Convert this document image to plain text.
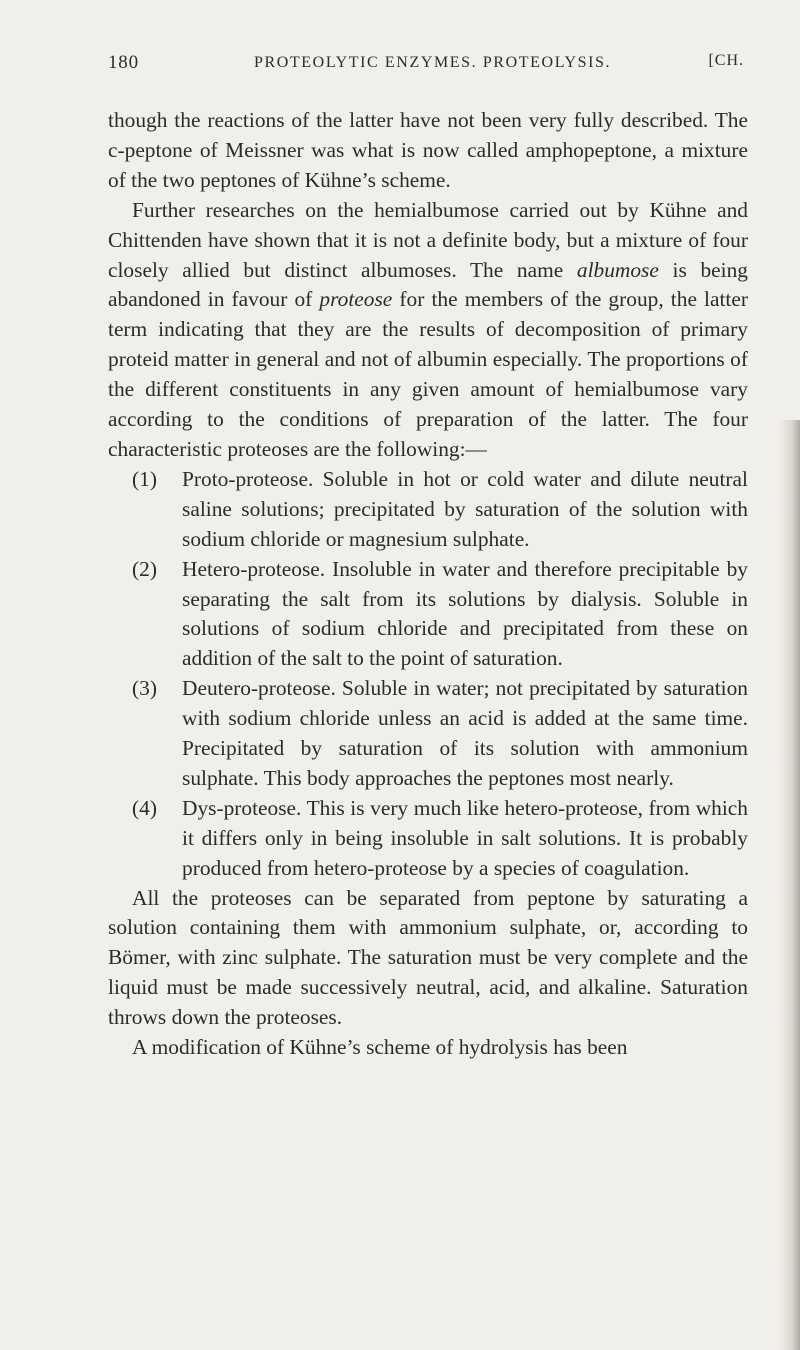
180	PROTEOLYTIC ENZYMES. PROTEOLYSIS.	[CH.

though the reactions of the latter have not been very fully described. The c-peptone of Meissner was what is now called amphopeptone, a mixture of the two peptones of Kühne’s scheme.

Further researches on the hemialbumose carried out by Kühne and Chittenden have shown that it is not a definite body, but a mixture of four closely allied but distinct albumoses. The name albumose is being abandoned in favour of proteose for the members of the group, the latter term indicating that they are the results of decomposition of primary proteid matter in general and not of albumin especially. The proportions of the different constituents in any given amount of hemialbumose vary according to the conditions of preparation of the latter. The four characteristic proteoses are the following:—

(1) Proto-proteose. Soluble in hot or cold water and dilute neutral saline solutions; precipitated by saturation of the solution with sodium chloride or magnesium sulphate.
(2) Hetero-proteose. Insoluble in water and therefore precipitable by separating the salt from its solutions by dialysis. Soluble in solutions of sodium chloride and precipitated from these on addition of the salt to the point of saturation.
(3) Deutero-proteose. Soluble in water; not precipitated by saturation with sodium chloride unless an acid is added at the same time. Precipitated by saturation of its solution with ammonium sulphate. This body approaches the peptones most nearly.
(4) Dys-proteose. This is very much like hetero-proteose, from which it differs only in being insoluble in salt solutions. It is probably produced from hetero-proteose by a species of coagulation.

All the proteoses can be separated from peptone by saturating a solution containing them with ammonium sulphate, or, according to Bömer, with zinc sulphate. The saturation must be very complete and the liquid must be made successively neutral, acid, and alkaline. Saturation throws down the proteoses.

A modification of Kühne’s scheme of hydrolysis has been
